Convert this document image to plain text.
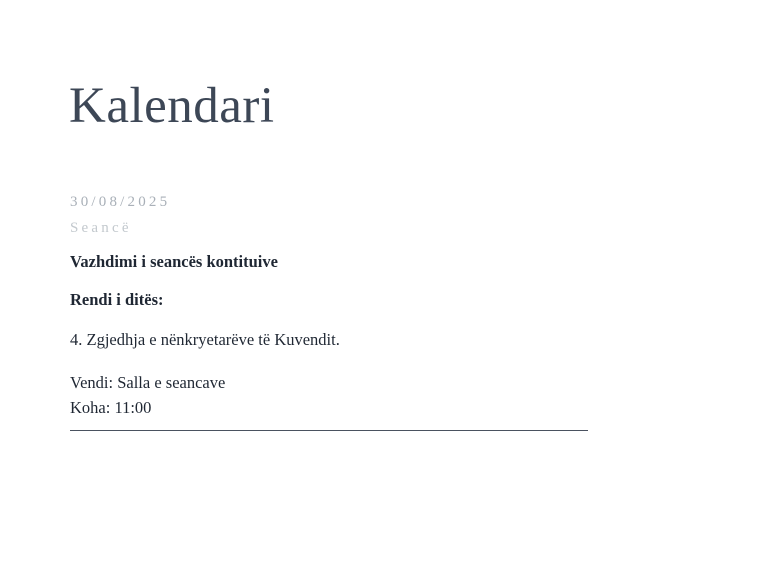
Kalendari
30/08/2025
Seancë
Vazhdimi i seancës kontituive
Rendi i ditës:
4. Zgjedhja e nënkryetarëve të Kuvendit.
Vendi: Salla e seancave
Koha: 11:00
